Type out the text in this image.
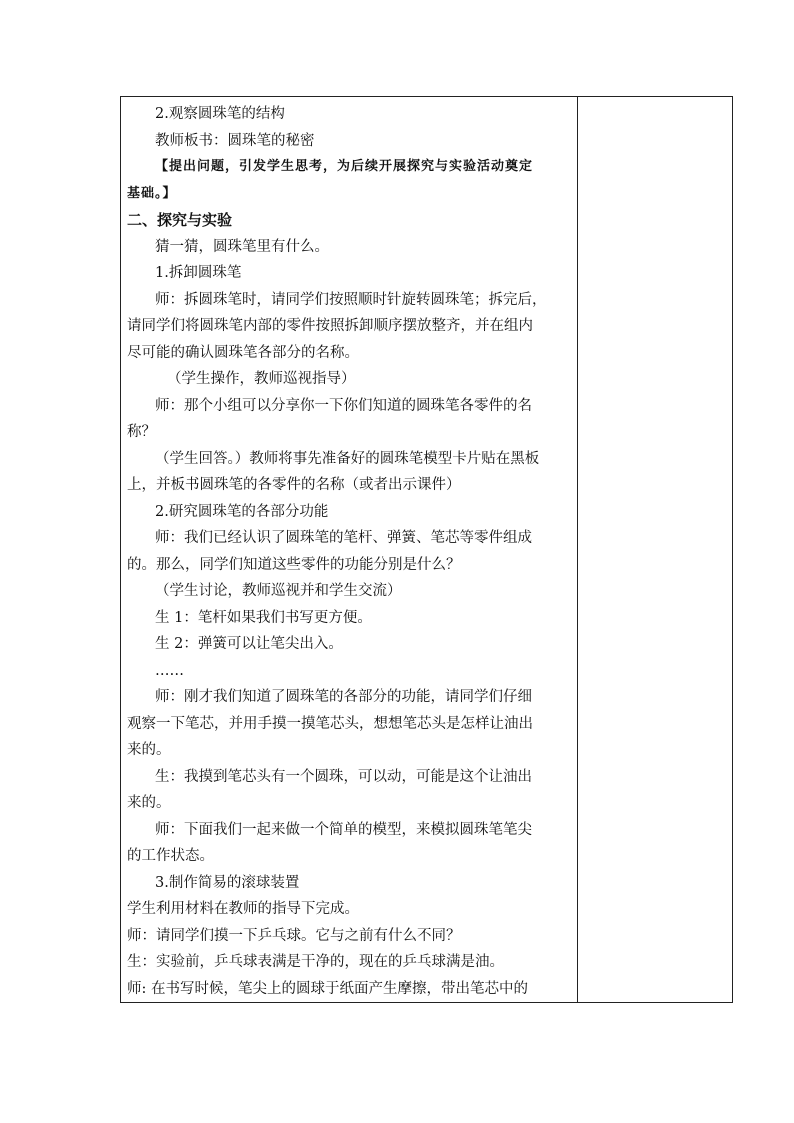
2.观察圆珠笔的结构
教师板书：圆珠笔的秘密
【提出问题，引发学生思考，为后续开展探究与实验活动奠定
基础。】
二、探究与实验
猜一猜，圆珠笔里有什么。
1.拆卸圆珠笔
师：拆圆珠笔时，请同学们按照顺时针旋转圆珠笔；拆完后，
请同学们将圆珠笔内部的零件按照拆卸顺序摆放整齐，并在组内
尽可能的确认圆珠笔各部分的名称。
（学生操作，教师巡视指导）
师：那个小组可以分享你一下你们知道的圆珠笔各零件的名
称？
（学生回答。）教师将事先准备好的圆珠笔模型卡片贴在黑板
上，并板书圆珠笔的各零件的名称（或者出示课件）
2.研究圆珠笔的各部分功能
师：我们已经认识了圆珠笔的笔杆、弹簧、笔芯等零件组成
的。那么，同学们知道这些零件的功能分别是什么？
（学生讨论，教师巡视并和学生交流）
生 1：笔杆如果我们书写更方便。
生 2：弹簧可以让笔尖出入。
……
师：刚才我们知道了圆珠笔的各部分的功能，请同学们仔细
观察一下笔芯，并用手摸一摸笔芯头，想想笔芯头是怎样让油出
来的。
生：我摸到笔芯头有一个圆珠，可以动，可能是这个让油出
来的。
师：下面我们一起来做一个简单的模型，来模拟圆珠笔笔尖
的工作状态。
3.制作简易的滚球装置
学生利用材料在教师的指导下完成。
师：请同学们摸一下乒乓球。它与之前有什么不同？
生：实验前，乒乓球表满是干净的，现在的乒乓球满是油。
师: 在书写时候，笔尖上的圆球于纸面产生摩擦，带出笔芯中的
